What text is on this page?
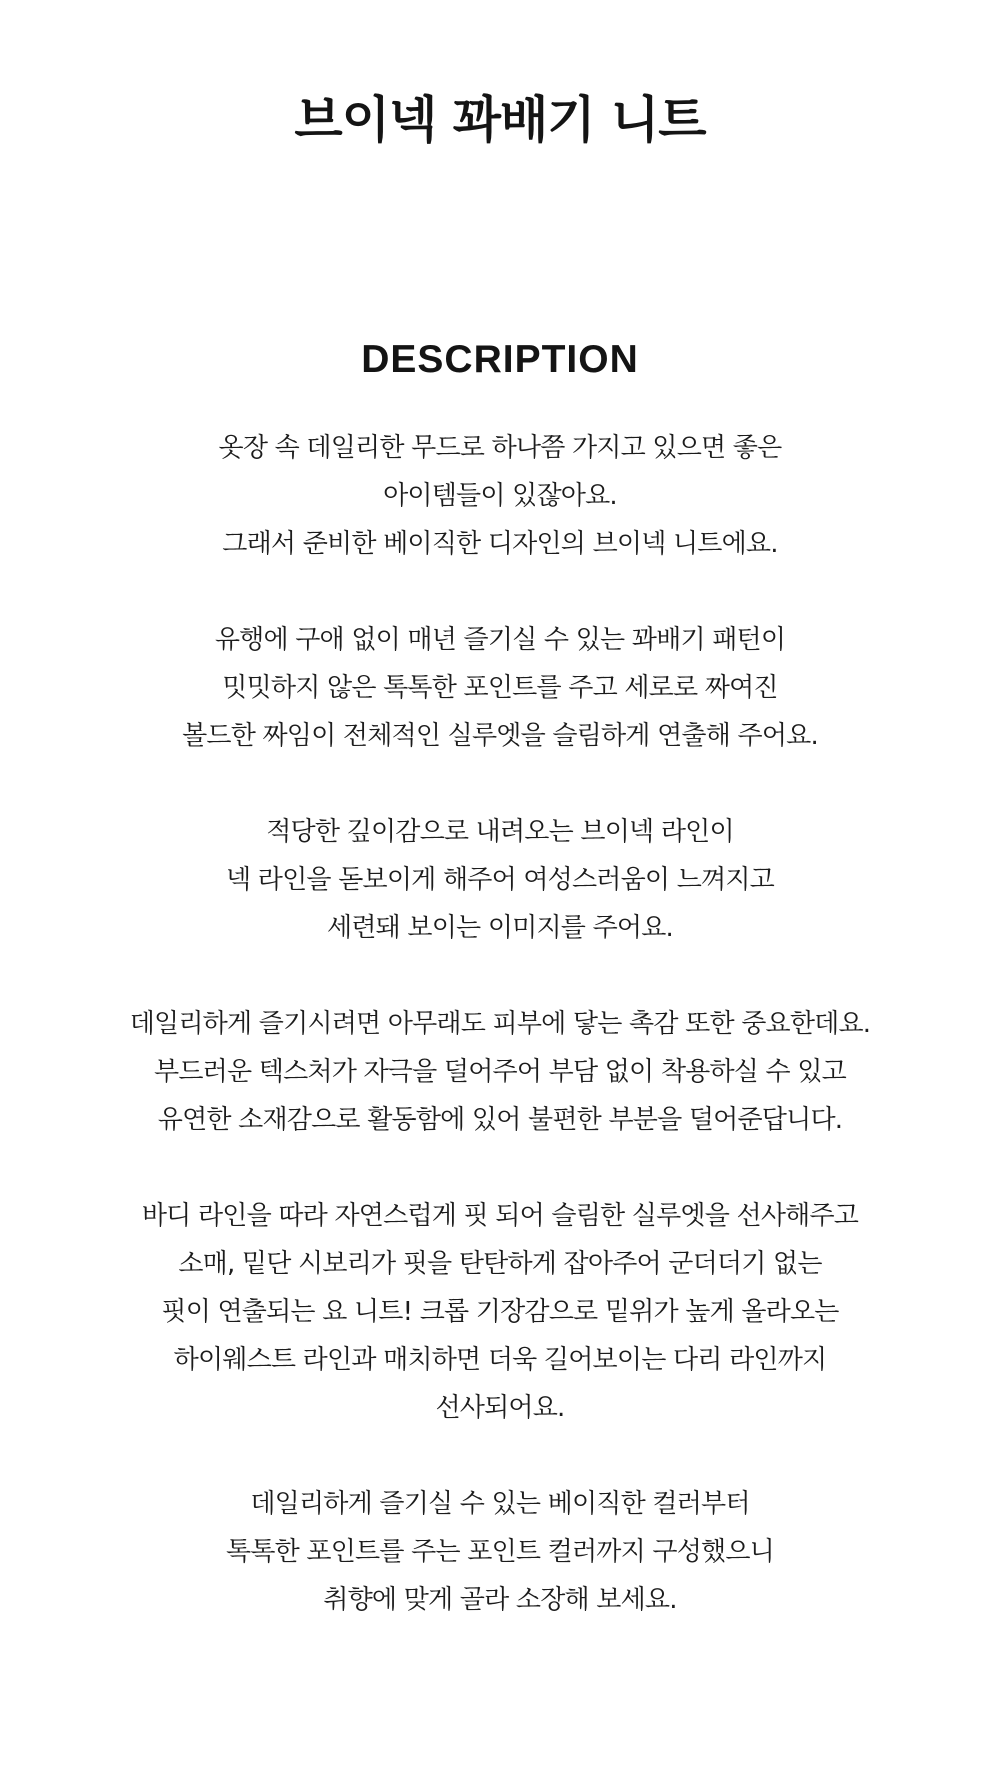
브이넥 꽈배기 니트
DESCRIPTION

옷장 속 데일리한 무드로 하나쯤 가지고 있으면 좋은
아이템들이 있잖아요.
그래서 준비한 베이직한 디자인의 브이넥 니트에요.

유행에 구애 없이 매년 즐기실 수 있는 꽈배기 패턴이
밋밋하지 않은 톡톡한 포인트를 주고 세로로 짜여진
볼드한 짜임이 전체적인 실루엣을 슬림하게 연출해 주어요.

적당한 깊이감으로 내려오는 브이넥 라인이
넥 라인을 돋보이게 해주어 여성스러움이 느껴지고
세련돼 보이는 이미지를 주어요.

데일리하게 즐기시려면 아무래도 피부에 닿는 촉감 또한 중요한데요.
부드러운 텍스처가 자극을 덜어주어 부담 없이 착용하실 수 있고
유연한 소재감으로 활동함에 있어 불편한 부분을 덜어준답니다.

바디 라인을 따라 자연스럽게 핏 되어 슬림한 실루엣을 선사해주고
소매, 밑단 시보리가 핏을 탄탄하게 잡아주어 군더더기 없는
핏이 연출되는 요 니트! 크롭 기장감으로 밑위가 높게 올라오는
하이웨스트 라인과 매치하면 더욱 길어보이는 다리 라인까지
선사되어요.

데일리하게 즐기실 수 있는 베이직한 컬러부터
톡톡한 포인트를 주는 포인트 컬러까지 구성했으니
취향에 맞게 골라 소장해 보세요.
